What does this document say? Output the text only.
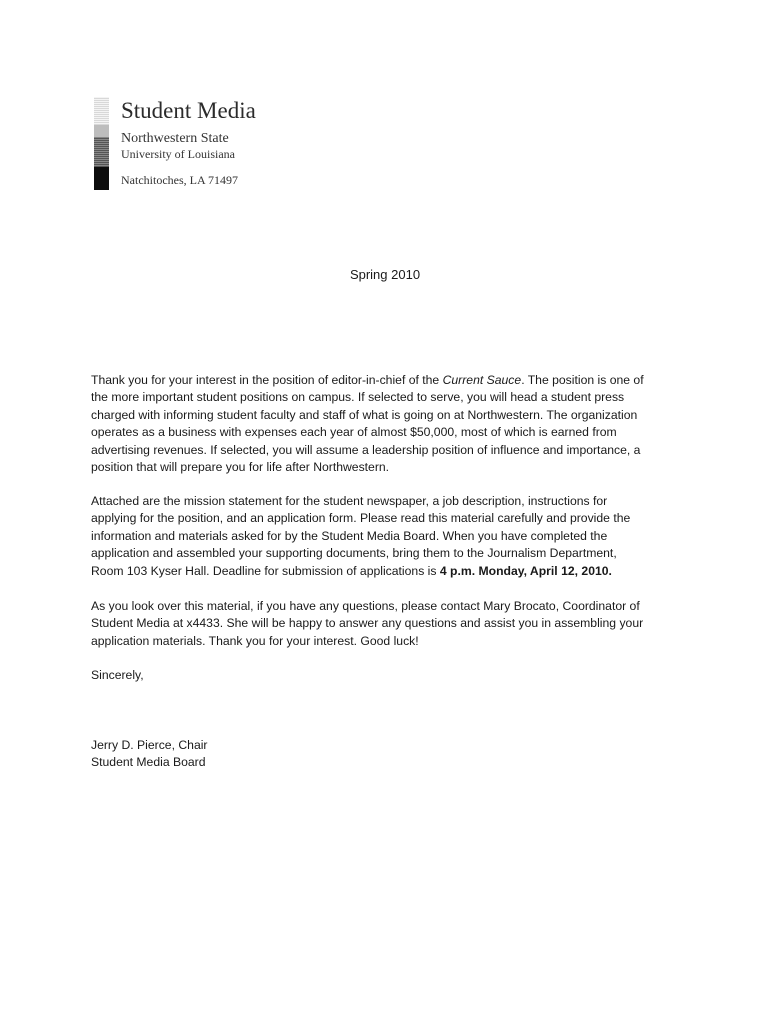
Student Media
Northwestern State
University of Louisiana
Natchitoches, LA 71497
Spring 2010

Thank you for your interest in the position of editor-in-chief of the Current Sauce. The position is one of
the more important student positions on campus. If selected to serve, you will head a student press
charged with informing student faculty and staff of what is going on at Northwestern. The organization
operates as a business with expenses each year of almost $50,000, most of which is earned from
advertising revenues. If selected, you will assume a leadership position of influence and importance, a
position that will prepare you for life after Northwestern.

Attached are the mission statement for the student newspaper, a job description, instructions for
applying for the position, and an application form. Please read this material carefully and provide the
information and materials asked for by the Student Media Board. When you have completed the
application and assembled your supporting documents, bring them to the Journalism Department,
Room 103 Kyser Hall. Deadline for submission of applications is 4 p.m. Monday, April 12, 2010.

As you look over this material, if you have any questions, please contact Mary Brocato, Coordinator of
Student Media at x4433. She will be happy to answer any questions and assist you in assembling your
application materials. Thank you for your interest. Good luck!

Sincerely,
Jerry D. Pierce, Chair
Student Media Board
